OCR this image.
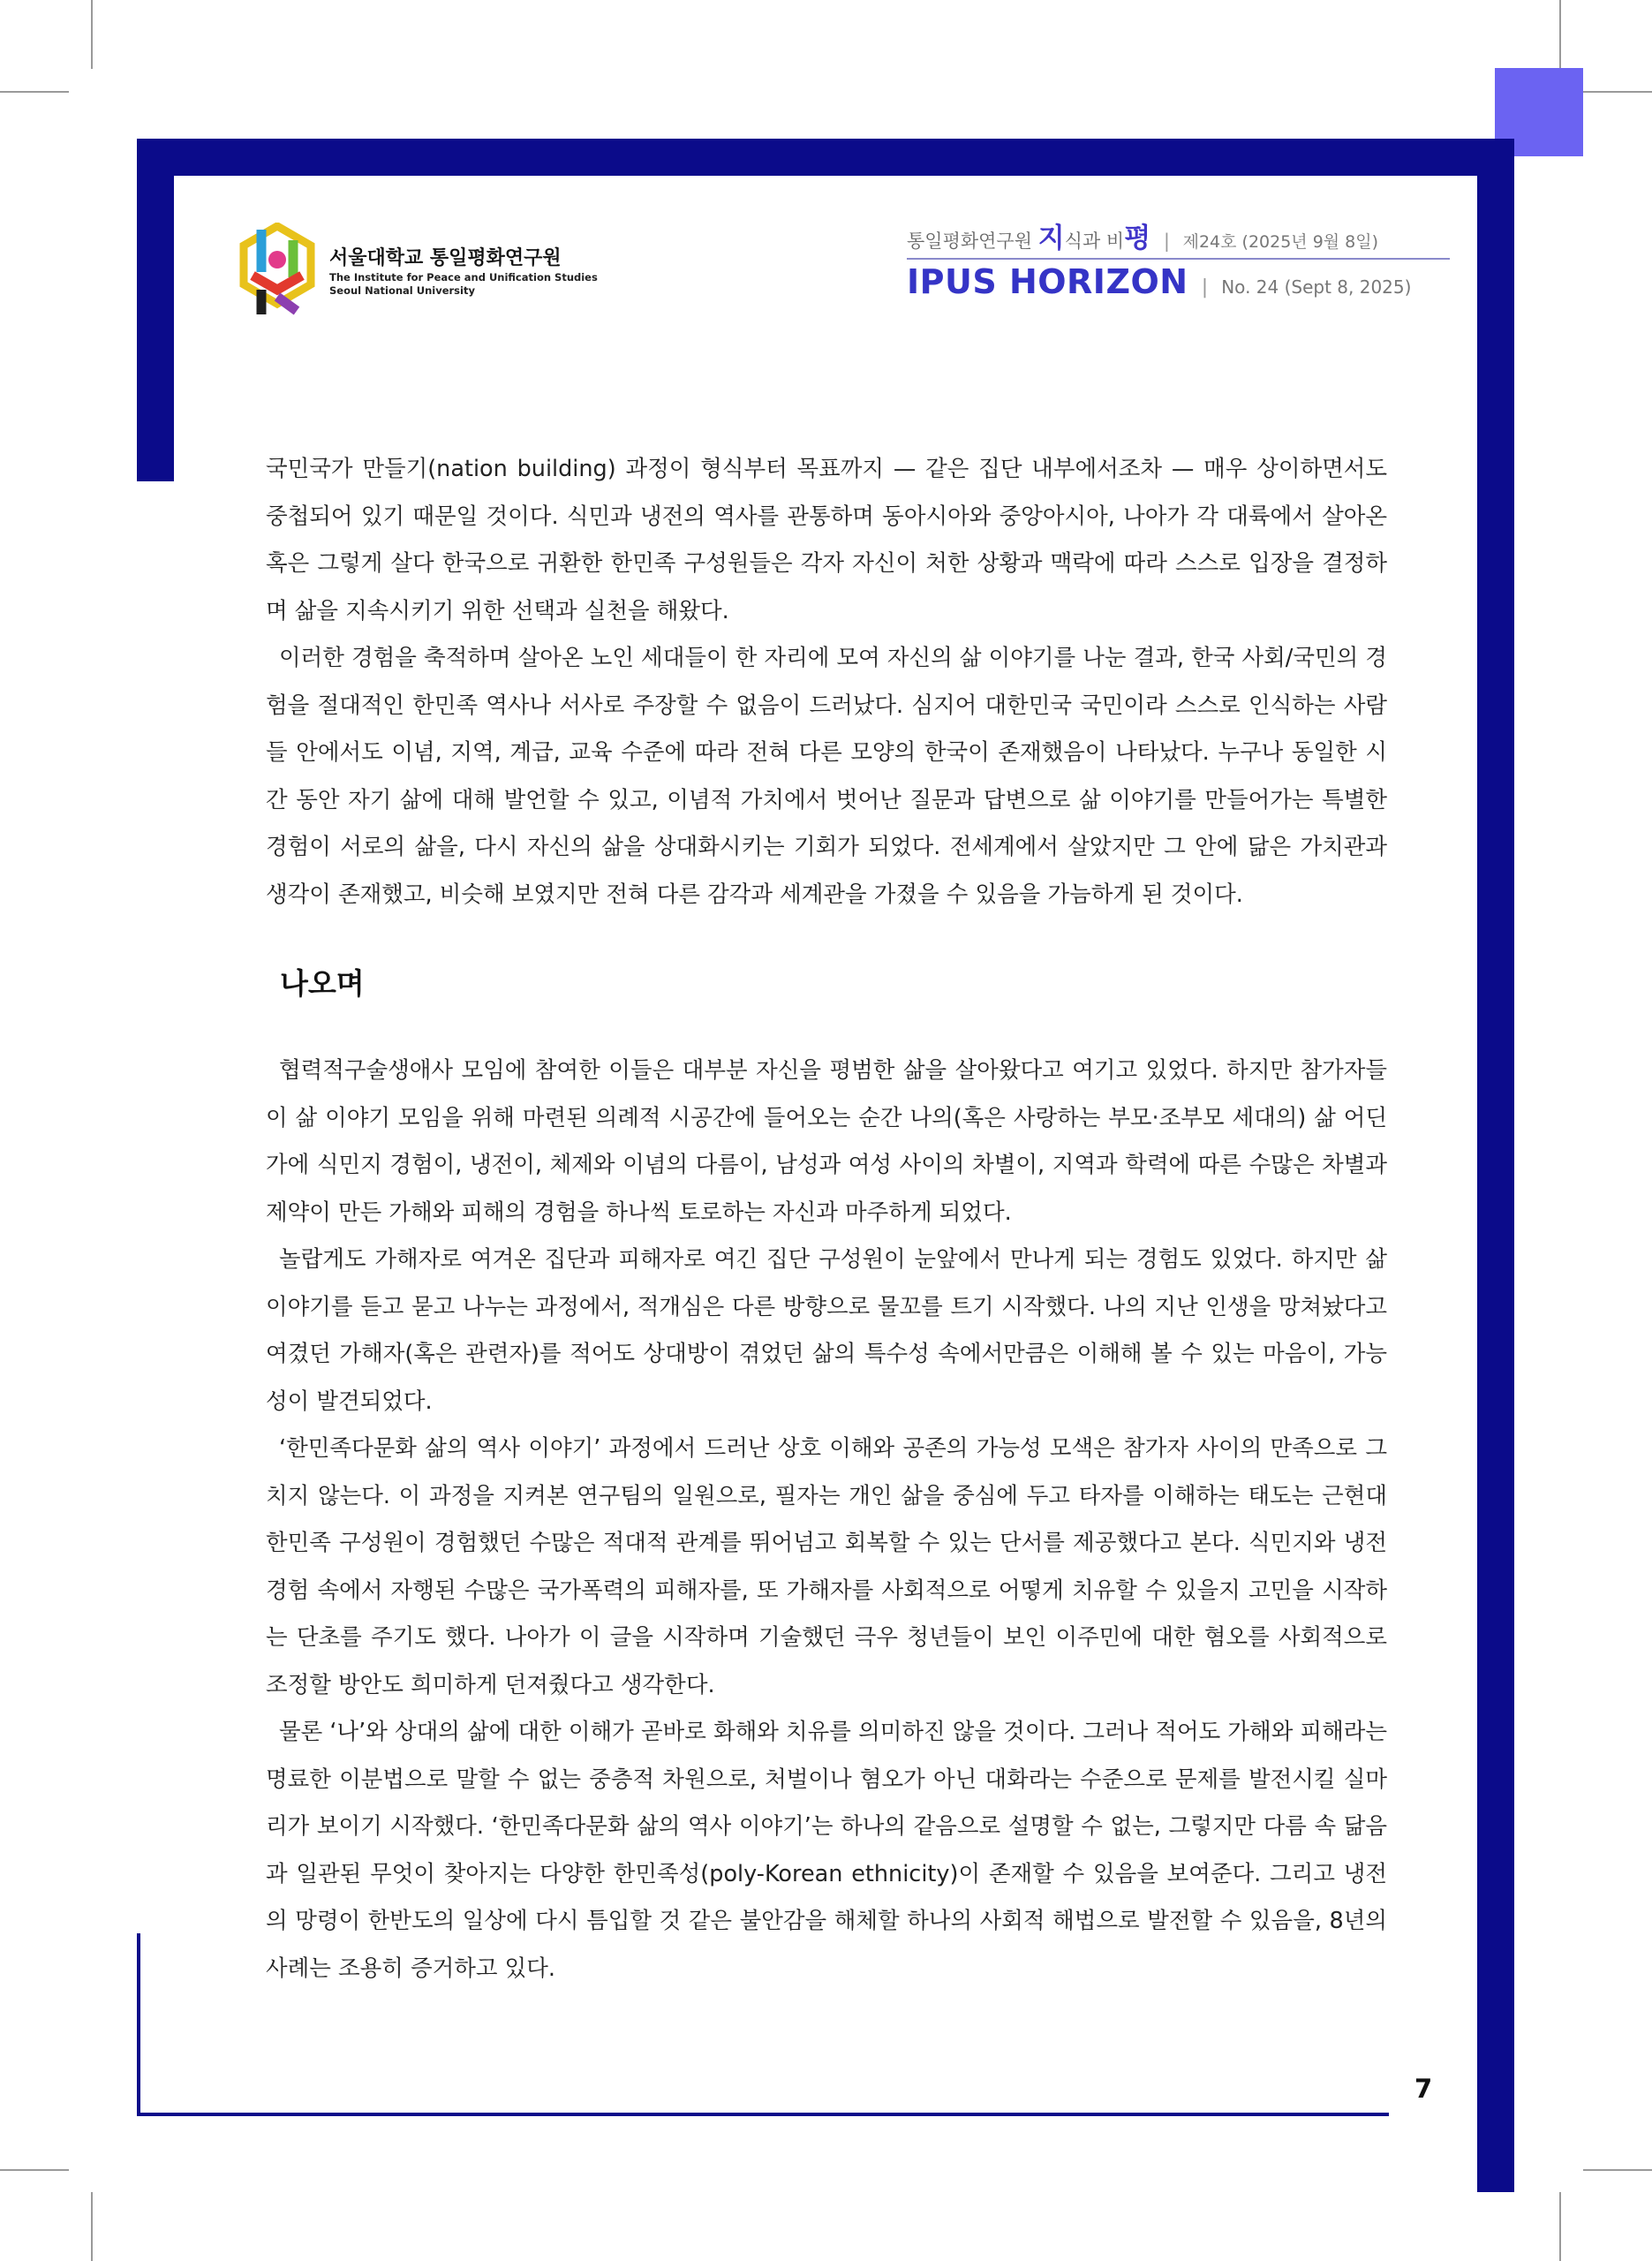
서울대학교 통일평화연구원
The Institute for Peace and Unification Studies
Seoul National University
통일평화연구원 지식과 비평 | 제24호 (2025년 9월 8일)
IPUS HORIZON | No. 24 (Sept 8, 2025)

국민국가 만들기(nation building) 과정이 형식부터 목표까지 — 같은 집단 내부에서조차 — 매우 상이하면서도 중첩되어 있기 때문일 것이다. 식민과 냉전의 역사를 관통하며 동아시아와 중앙아시아, 나아가 각 대륙에서 살아온 혹은 그렇게 살다 한국으로 귀환한 한민족 구성원들은 각자 자신이 처한 상황과 맥락에 따라 스스로 입장을 결정하며 삶을 지속시키기 위한 선택과 실천을 해왔다.

이러한 경험을 축적하며 살아온 노인 세대들이 한 자리에 모여 자신의 삶 이야기를 나눈 결과, 한국 사회/국민의 경험을 절대적인 한민족 역사나 서사로 주장할 수 없음이 드러났다. 심지어 대한민국 국민이라 스스로 인식하는 사람들 안에서도 이념, 지역, 계급, 교육 수준에 따라 전혀 다른 모양의 한국이 존재했음이 나타났다. 누구나 동일한 시간 동안 자기 삶에 대해 발언할 수 있고, 이념적 가치에서 벗어난 질문과 답변으로 삶 이야기를 만들어가는 특별한 경험이 서로의 삶을, 다시 자신의 삶을 상대화시키는 기회가 되었다. 전세계에서 살았지만 그 안에 닮은 가치관과 생각이 존재했고, 비슷해 보였지만 전혀 다른 감각과 세계관을 가졌을 수 있음을 가늠하게 된 것이다.

나오며

협력적구술생애사 모임에 참여한 이들은 대부분 자신을 평범한 삶을 살아왔다고 여기고 있었다. 하지만 참가자들이 삶 이야기 모임을 위해 마련된 의례적 시공간에 들어오는 순간 나의(혹은 사랑하는 부모·조부모 세대의) 삶 어딘가에 식민지 경험이, 냉전이, 체제와 이념의 다름이, 남성과 여성 사이의 차별이, 지역과 학력에 따른 수많은 차별과 제약이 만든 가해와 피해의 경험을 하나씩 토로하는 자신과 마주하게 되었다.

놀랍게도 가해자로 여겨온 집단과 피해자로 여긴 집단 구성원이 눈앞에서 만나게 되는 경험도 있었다. 하지만 삶 이야기를 듣고 묻고 나누는 과정에서, 적개심은 다른 방향으로 물꼬를 트기 시작했다. 나의 지난 인생을 망쳐놨다고 여겼던 가해자(혹은 관련자)를 적어도 상대방이 겪었던 삶의 특수성 속에서만큼은 이해해 볼 수 있는 마음이, 가능성이 발견되었다.

‘한민족다문화 삶의 역사 이야기’ 과정에서 드러난 상호 이해와 공존의 가능성 모색은 참가자 사이의 만족으로 그치지 않는다. 이 과정을 지켜본 연구팀의 일원으로, 필자는 개인 삶을 중심에 두고 타자를 이해하는 태도는 근현대 한민족 구성원이 경험했던 수많은 적대적 관계를 뛰어넘고 회복할 수 있는 단서를 제공했다고 본다. 식민지와 냉전 경험 속에서 자행된 수많은 국가폭력의 피해자를, 또 가해자를 사회적으로 어떻게 치유할 수 있을지 고민을 시작하는 단초를 주기도 했다. 나아가 이 글을 시작하며 기술했던 극우 청년들이 보인 이주민에 대한 혐오를 사회적으로 조정할 방안도 희미하게 던져줬다고 생각한다.

물론 ‘나’와 상대의 삶에 대한 이해가 곧바로 화해와 치유를 의미하진 않을 것이다. 그러나 적어도 가해와 피해라는 명료한 이분법으로 말할 수 없는 중층적 차원으로, 처벌이나 혐오가 아닌 대화라는 수준으로 문제를 발전시킬 실마리가 보이기 시작했다. ‘한민족다문화 삶의 역사 이야기’는 하나의 같음으로 설명할 수 없는, 그렇지만 다름 속 닮음과 일관된 무엇이 찾아지는 다양한 한민족성(poly-Korean ethnicity)이 존재할 수 있음을 보여준다. 그리고 냉전의 망령이 한반도의 일상에 다시 틈입할 것 같은 불안감을 해체할 하나의 사회적 해법으로 발전할 수 있음을, 8년의 사례는 조용히 증거하고 있다.

7
